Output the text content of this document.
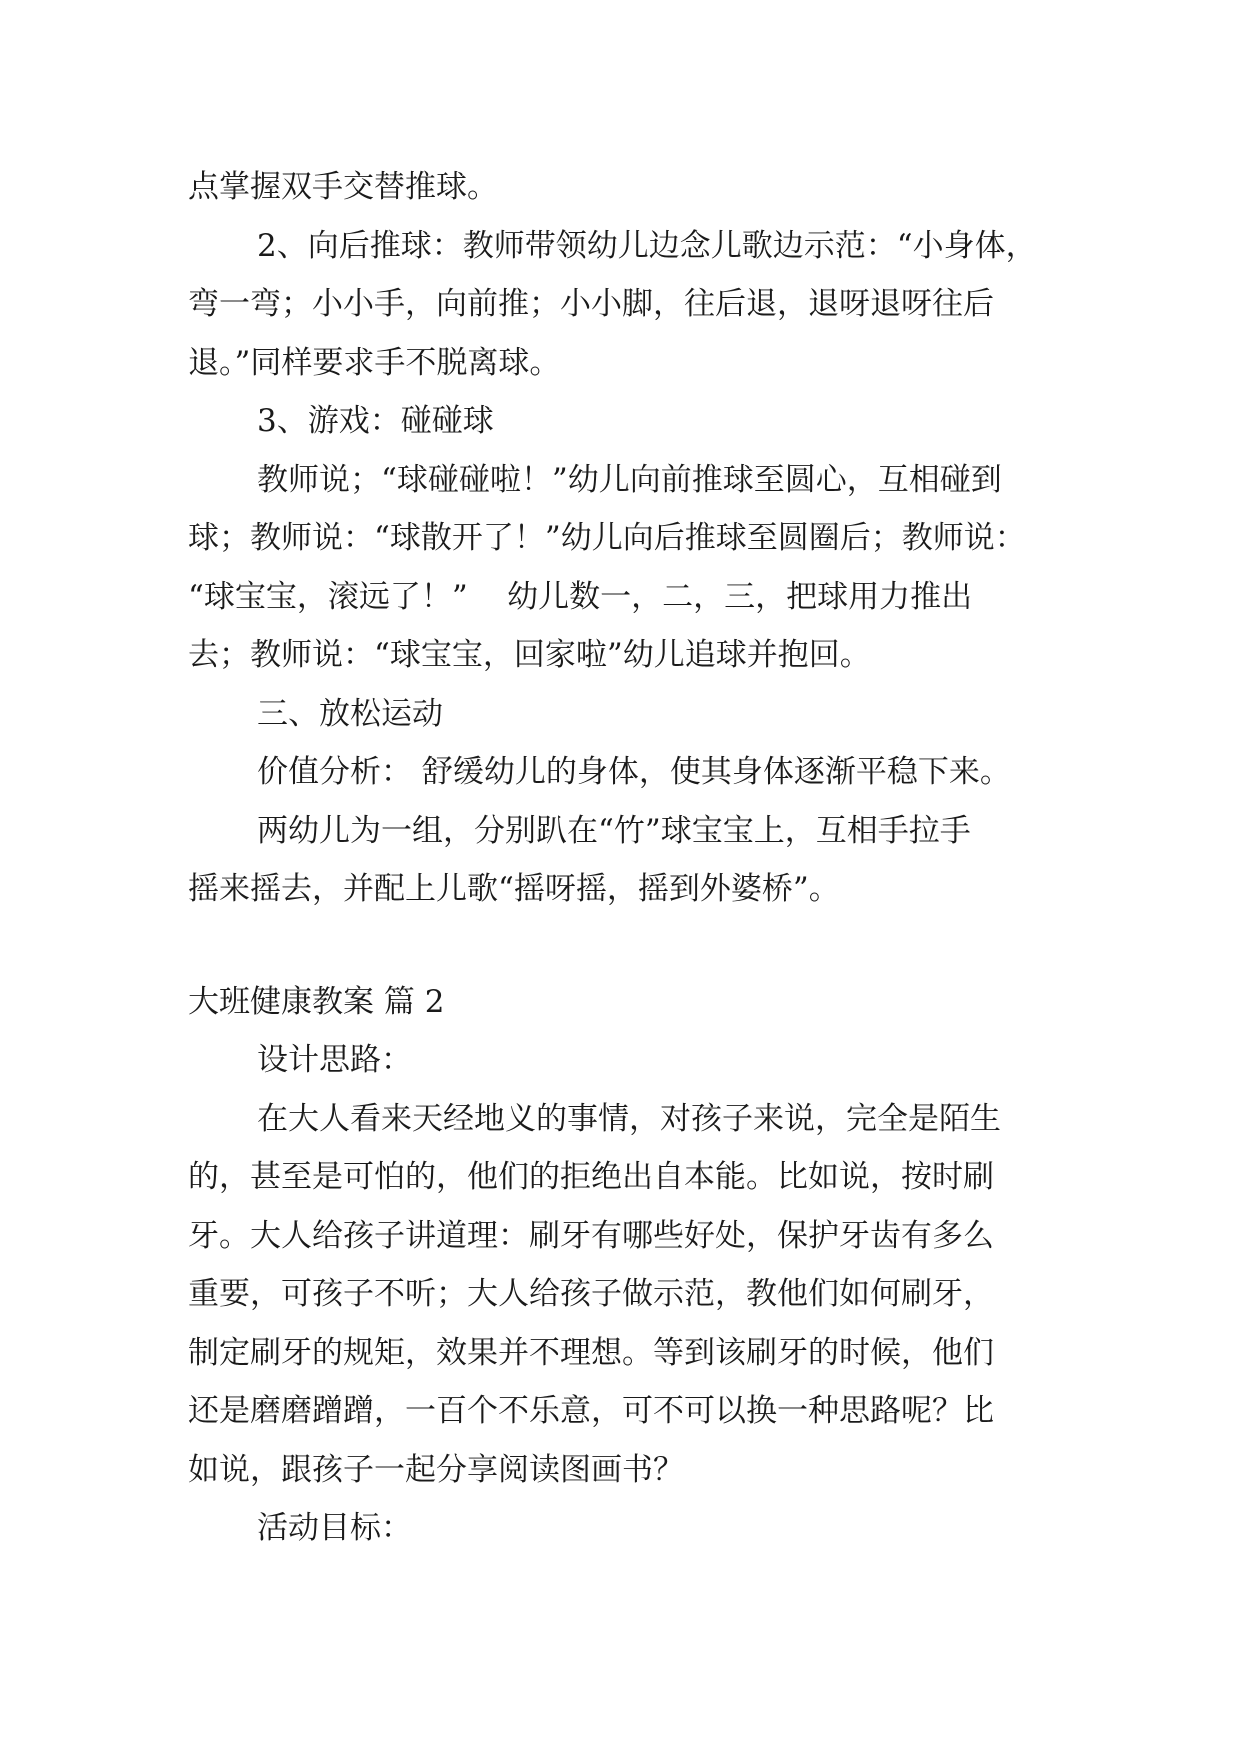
点掌握双手交替推球。
2、向后推球：教师带领幼儿边念儿歌边示范：“小身体，
弯一弯；小小手，向前推；小小脚，往后退，退呀退呀往后
退。”同样要求手不脱离球。
3、游戏：碰碰球
教师说；“球碰碰啦！”幼儿向前推球至圆心，互相碰到
球；教师说：“球散开了！”幼儿向后推球至圆圈后；教师说：
“球宝宝，滚远了！”    幼儿数一，二，三，把球用力推出
去；教师说：“球宝宝，回家啦”幼儿追球并抱回。
三、放松运动
价值分析： 舒缓幼儿的身体，使其身体逐渐平稳下来。
两幼儿为一组，分别趴在“竹”球宝宝上，互相手拉手
摇来摇去，并配上儿歌“摇呀摇，摇到外婆桥”。
大班健康教案 篇 2
设计思路：
在大人看来天经地义的事情，对孩子来说，完全是陌生
的，甚至是可怕的，他们的拒绝出自本能。比如说，按时刷
牙。大人给孩子讲道理：刷牙有哪些好处，保护牙齿有多么
重要，可孩子不听；大人给孩子做示范，教他们如何刷牙，
制定刷牙的规矩，效果并不理想。等到该刷牙的时候，他们
还是磨磨蹭蹭，一百个不乐意，可不可以换一种思路呢？比
如说，跟孩子一起分享阅读图画书？
活动目标：
